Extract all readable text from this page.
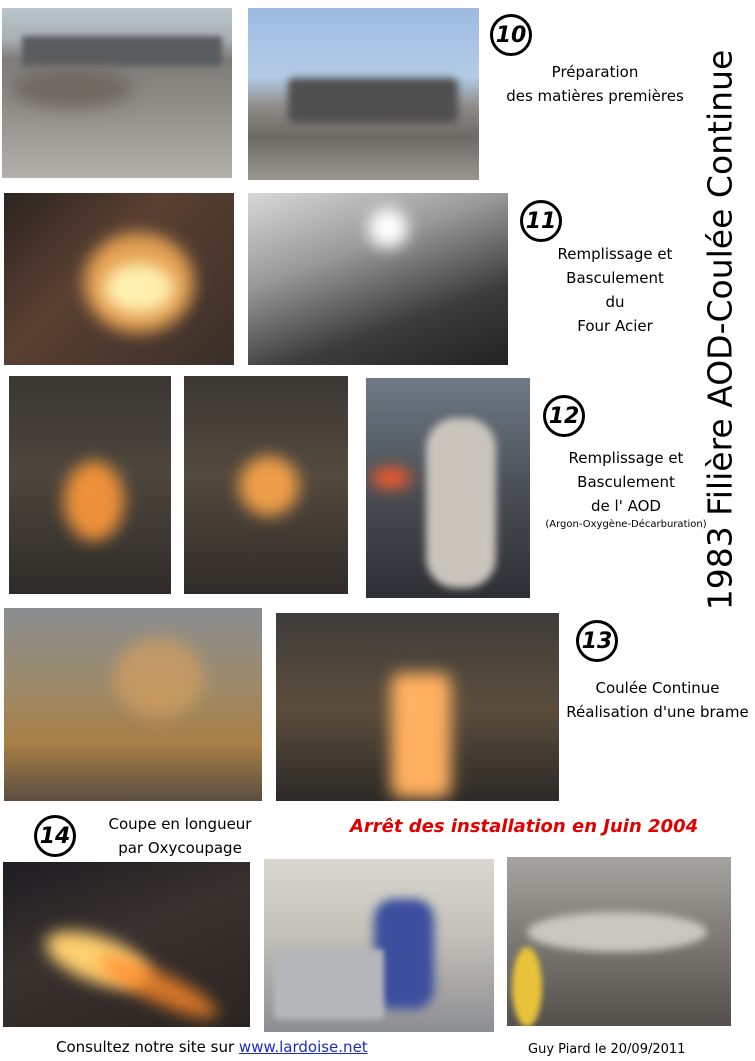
1983 Filière AOD-Coulée Continue
10
Préparation
des matières premières
11
Remplissage et
Basculement
du
Four Acier
12
Remplissage et
Basculement
de l' AOD
(Argon-Oxygène-Décarburation)
13
Coulée Continue
Réalisation d'une brame
14	Coupe en longueur
par Oxycoupage
Arrêt des installation en Juin 2004
Consultez notre site sur www.lardoise.net	Guy Piard le 20/09/2011
